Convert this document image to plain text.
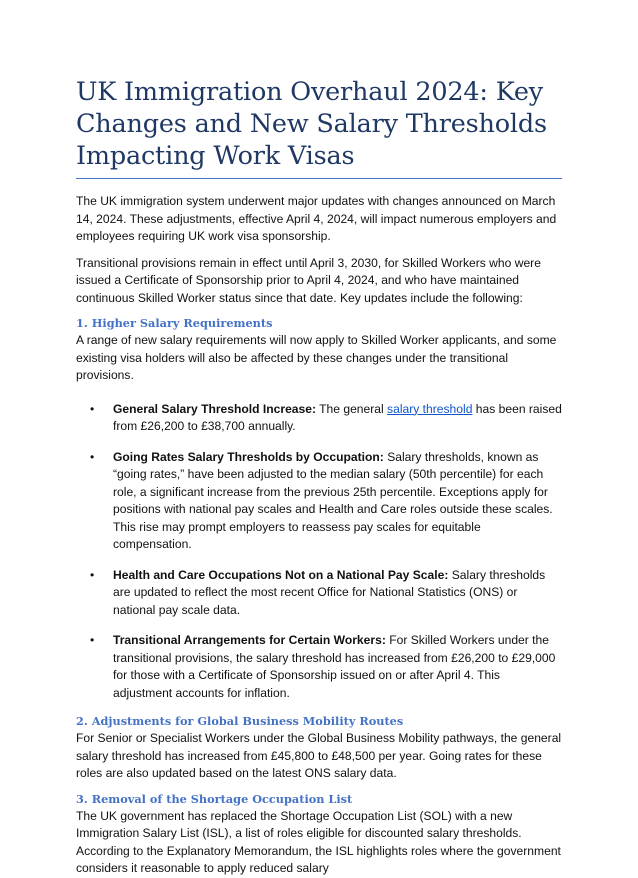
UK Immigration Overhaul 2024: Key Changes and New Salary Thresholds Impacting Work Visas

The UK immigration system underwent major updates with changes announced on March 14, 2024. These adjustments, effective April 4, 2024, will impact numerous employers and employees requiring UK work visa sponsorship.

Transitional provisions remain in effect until April 3, 2030, for Skilled Workers who were issued a Certificate of Sponsorship prior to April 4, 2024, and who have maintained continuous Skilled Worker status since that date. Key updates include the following:

1. Higher Salary Requirements

A range of new salary requirements will now apply to Skilled Worker applicants, and some existing visa holders will also be affected by these changes under the transitional provisions.

• General Salary Threshold Increase: The general salary threshold has been raised from £26,200 to £38,700 annually.
• Going Rates Salary Thresholds by Occupation: Salary thresholds, known as “going rates,” have been adjusted to the median salary (50th percentile) for each role, a significant increase from the previous 25th percentile. Exceptions apply for positions with national pay scales and Health and Care roles outside these scales. This rise may prompt employers to reassess pay scales for equitable compensation.
• Health and Care Occupations Not on a National Pay Scale: Salary thresholds are updated to reflect the most recent Office for National Statistics (ONS) or national pay scale data.
• Transitional Arrangements for Certain Workers: For Skilled Workers under the transitional provisions, the salary threshold has increased from £26,200 to £29,000 for those with a Certificate of Sponsorship issued on or after April 4. This adjustment accounts for inflation.
2. Adjustments for Global Business Mobility Routes

For Senior or Specialist Workers under the Global Business Mobility pathways, the general salary threshold has increased from £45,800 to £48,500 per year. Going rates for these roles are also updated based on the latest ONS salary data.

3. Removal of the Shortage Occupation List

The UK government has replaced the Shortage Occupation List (SOL) with a new Immigration Salary List (ISL), a list of roles eligible for discounted salary thresholds. According to the Explanatory Memorandum, the ISL highlights roles where the government considers it reasonable to apply reduced salary
